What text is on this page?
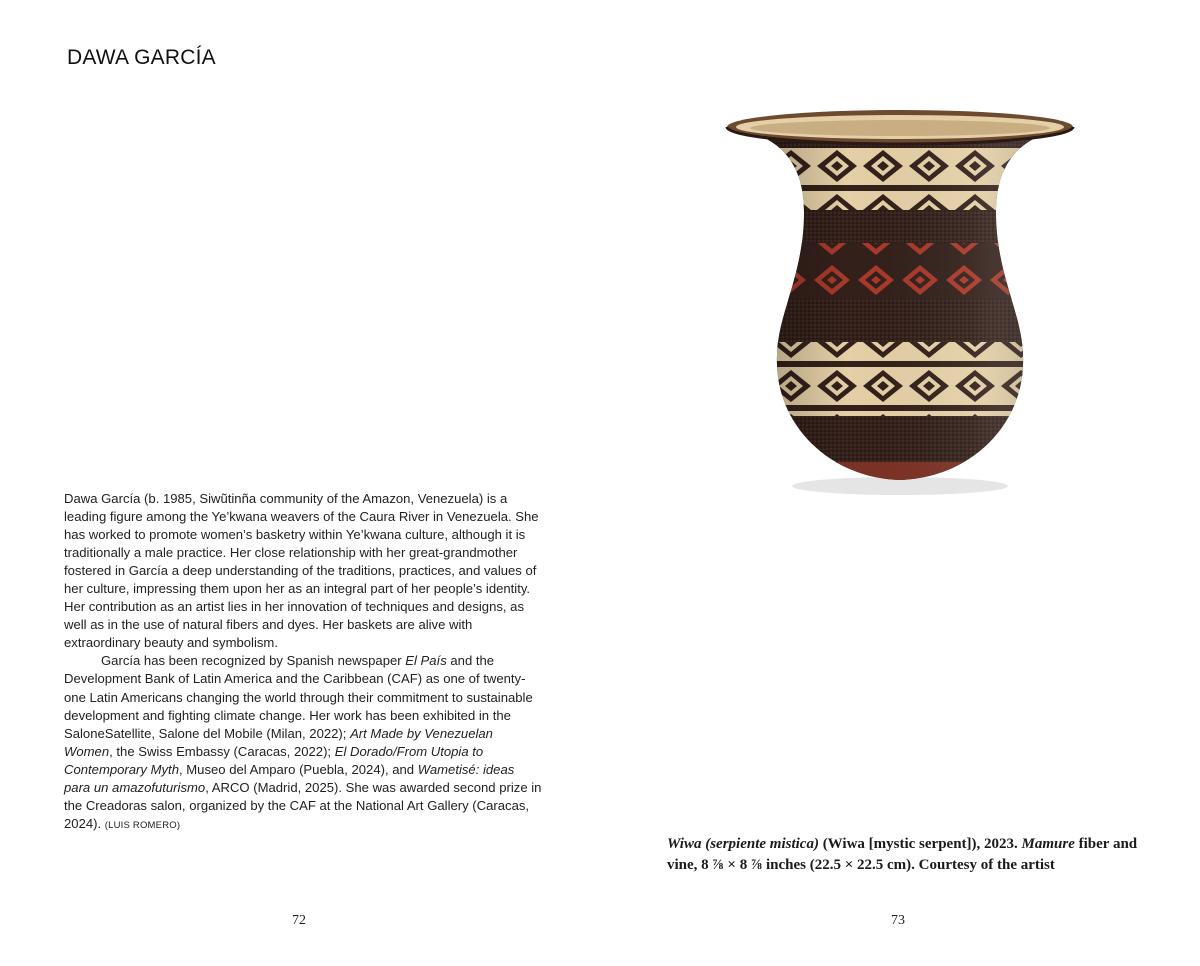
DAWA GARCÍA

Dawa García (b. 1985, Siwũtinña community of the Amazon, Venezuela) is a leading figure among the Ye’kwana weavers of the Caura River in Venezuela. She has worked to promote women’s basketry within Ye’kwana culture, although it is traditionally a male practice. Her close relationship with her great-grandmother fostered in García a deep understanding of the traditions, practices, and values of her culture, impressing them upon her as an integral part of her people’s identity. Her contribution as an artist lies in her innovation of techniques and designs, as well as in the use of natural fibers and dyes. Her baskets are alive with extraordinary beauty and symbolism.

García has been recognized by Spanish newspaper El País and the Development Bank of Latin America and the Caribbean (CAF) as one of twenty-one Latin Americans changing the world through their commitment to sustainable development and fighting climate change. Her work has been exhibited in the SaloneSatellite, Salone del Mobile (Milan, 2022); Art Made by Venezuelan Women, the Swiss Embassy (Caracas, 2022); El Dorado/From Utopia to Contemporary Myth, Museo del Amparo (Puebla, 2024), and Wametisé: ideas para un amazofuturismo, ARCO (Madrid, 2025). She was awarded second prize in the Creadoras salon, organized by the CAF at the National Art Gallery (Caracas, 2024). (LUIS ROMERO)

72
Wiwa (serpiente mistica) (Wiwa [mystic serpent]), 2023. Mamure fiber and vine, 8 ⅞ × 8 ⅞ inches (22.5 × 22.5 cm). Courtesy of the artist
73
